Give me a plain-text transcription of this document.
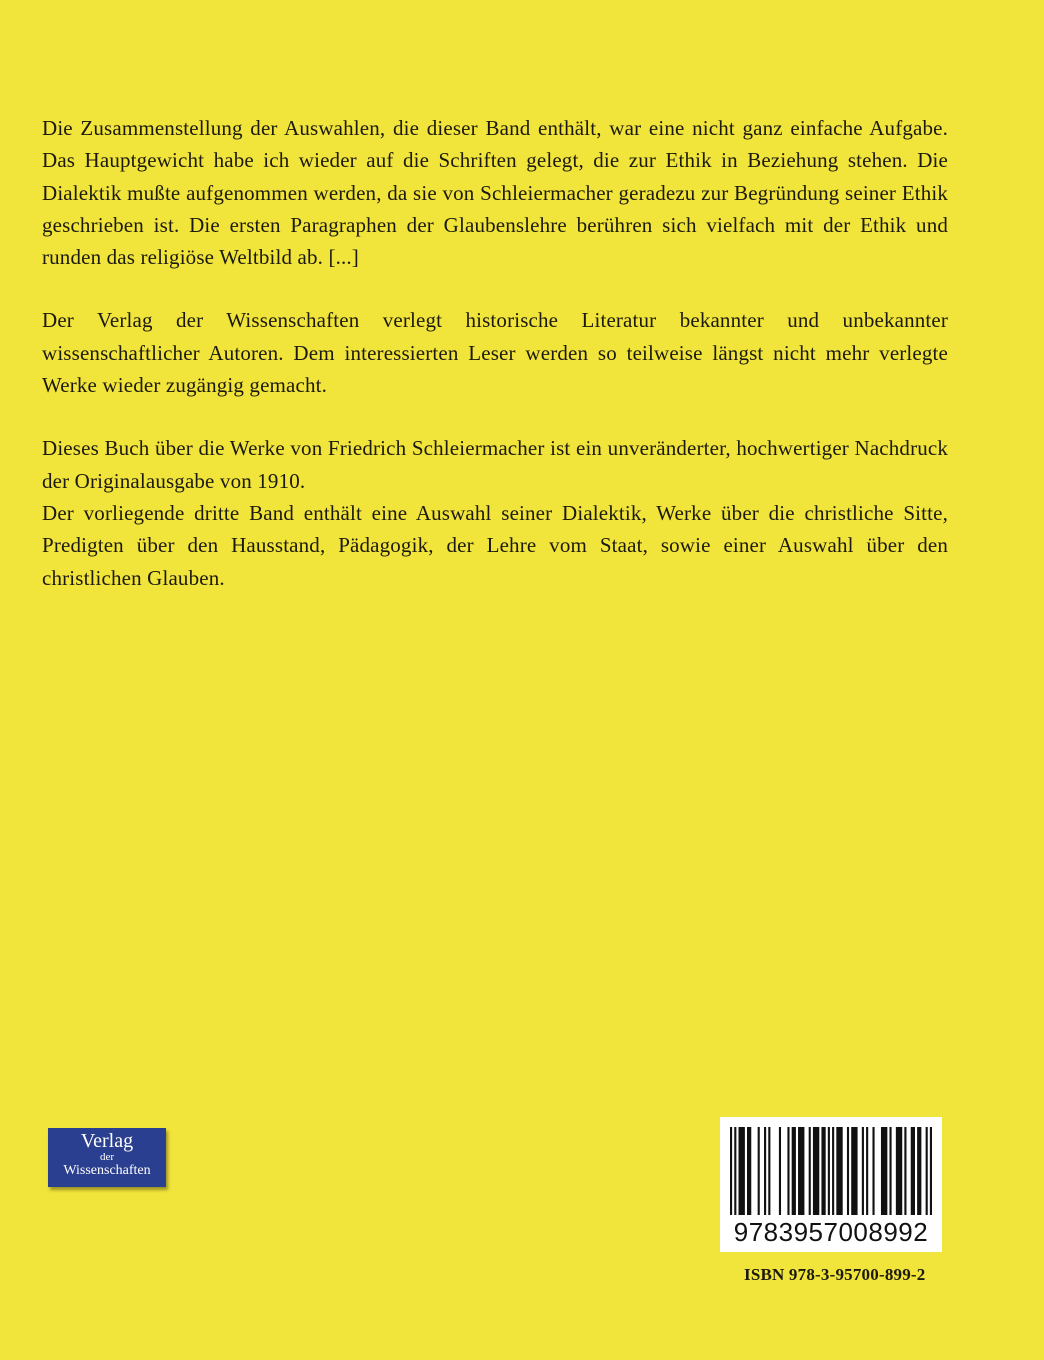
Die Zusammenstellung der Auswahlen, die dieser Band enthält, war eine nicht ganz einfache Aufgabe. Das Hauptgewicht habe ich wieder auf die Schriften gelegt, die zur Ethik in Beziehung stehen. Die Dialektik mußte aufgenommen werden, da sie von Schleiermacher geradezu zur Begründung seiner Ethik geschrieben ist. Die ersten Paragraphen der Glaubenslehre berühren sich vielfach mit der Ethik und runden das religiöse Weltbild ab. [...]

Der Verlag der Wissenschaften verlegt historische Literatur bekannter und unbekannter wissenschaftlicher Autoren. Dem interessierten Leser werden so teilweise längst nicht mehr verlegte Werke wieder zugängig gemacht.

Dieses Buch über die Werke von Friedrich Schleiermacher ist ein unveränderter, hochwertiger Nachdruck der Originalausgabe von 1910.

Der vorliegende dritte Band enthält eine Auswahl seiner Dialektik, Werke über die christliche Sitte, Predigten über den Hausstand, Pädagogik, der Lehre vom Staat, sowie einer Auswahl über den christlichen Glauben.

Verlag
der
Wissenschaften
9783957008992
ISBN 978-3-95700-899-2
